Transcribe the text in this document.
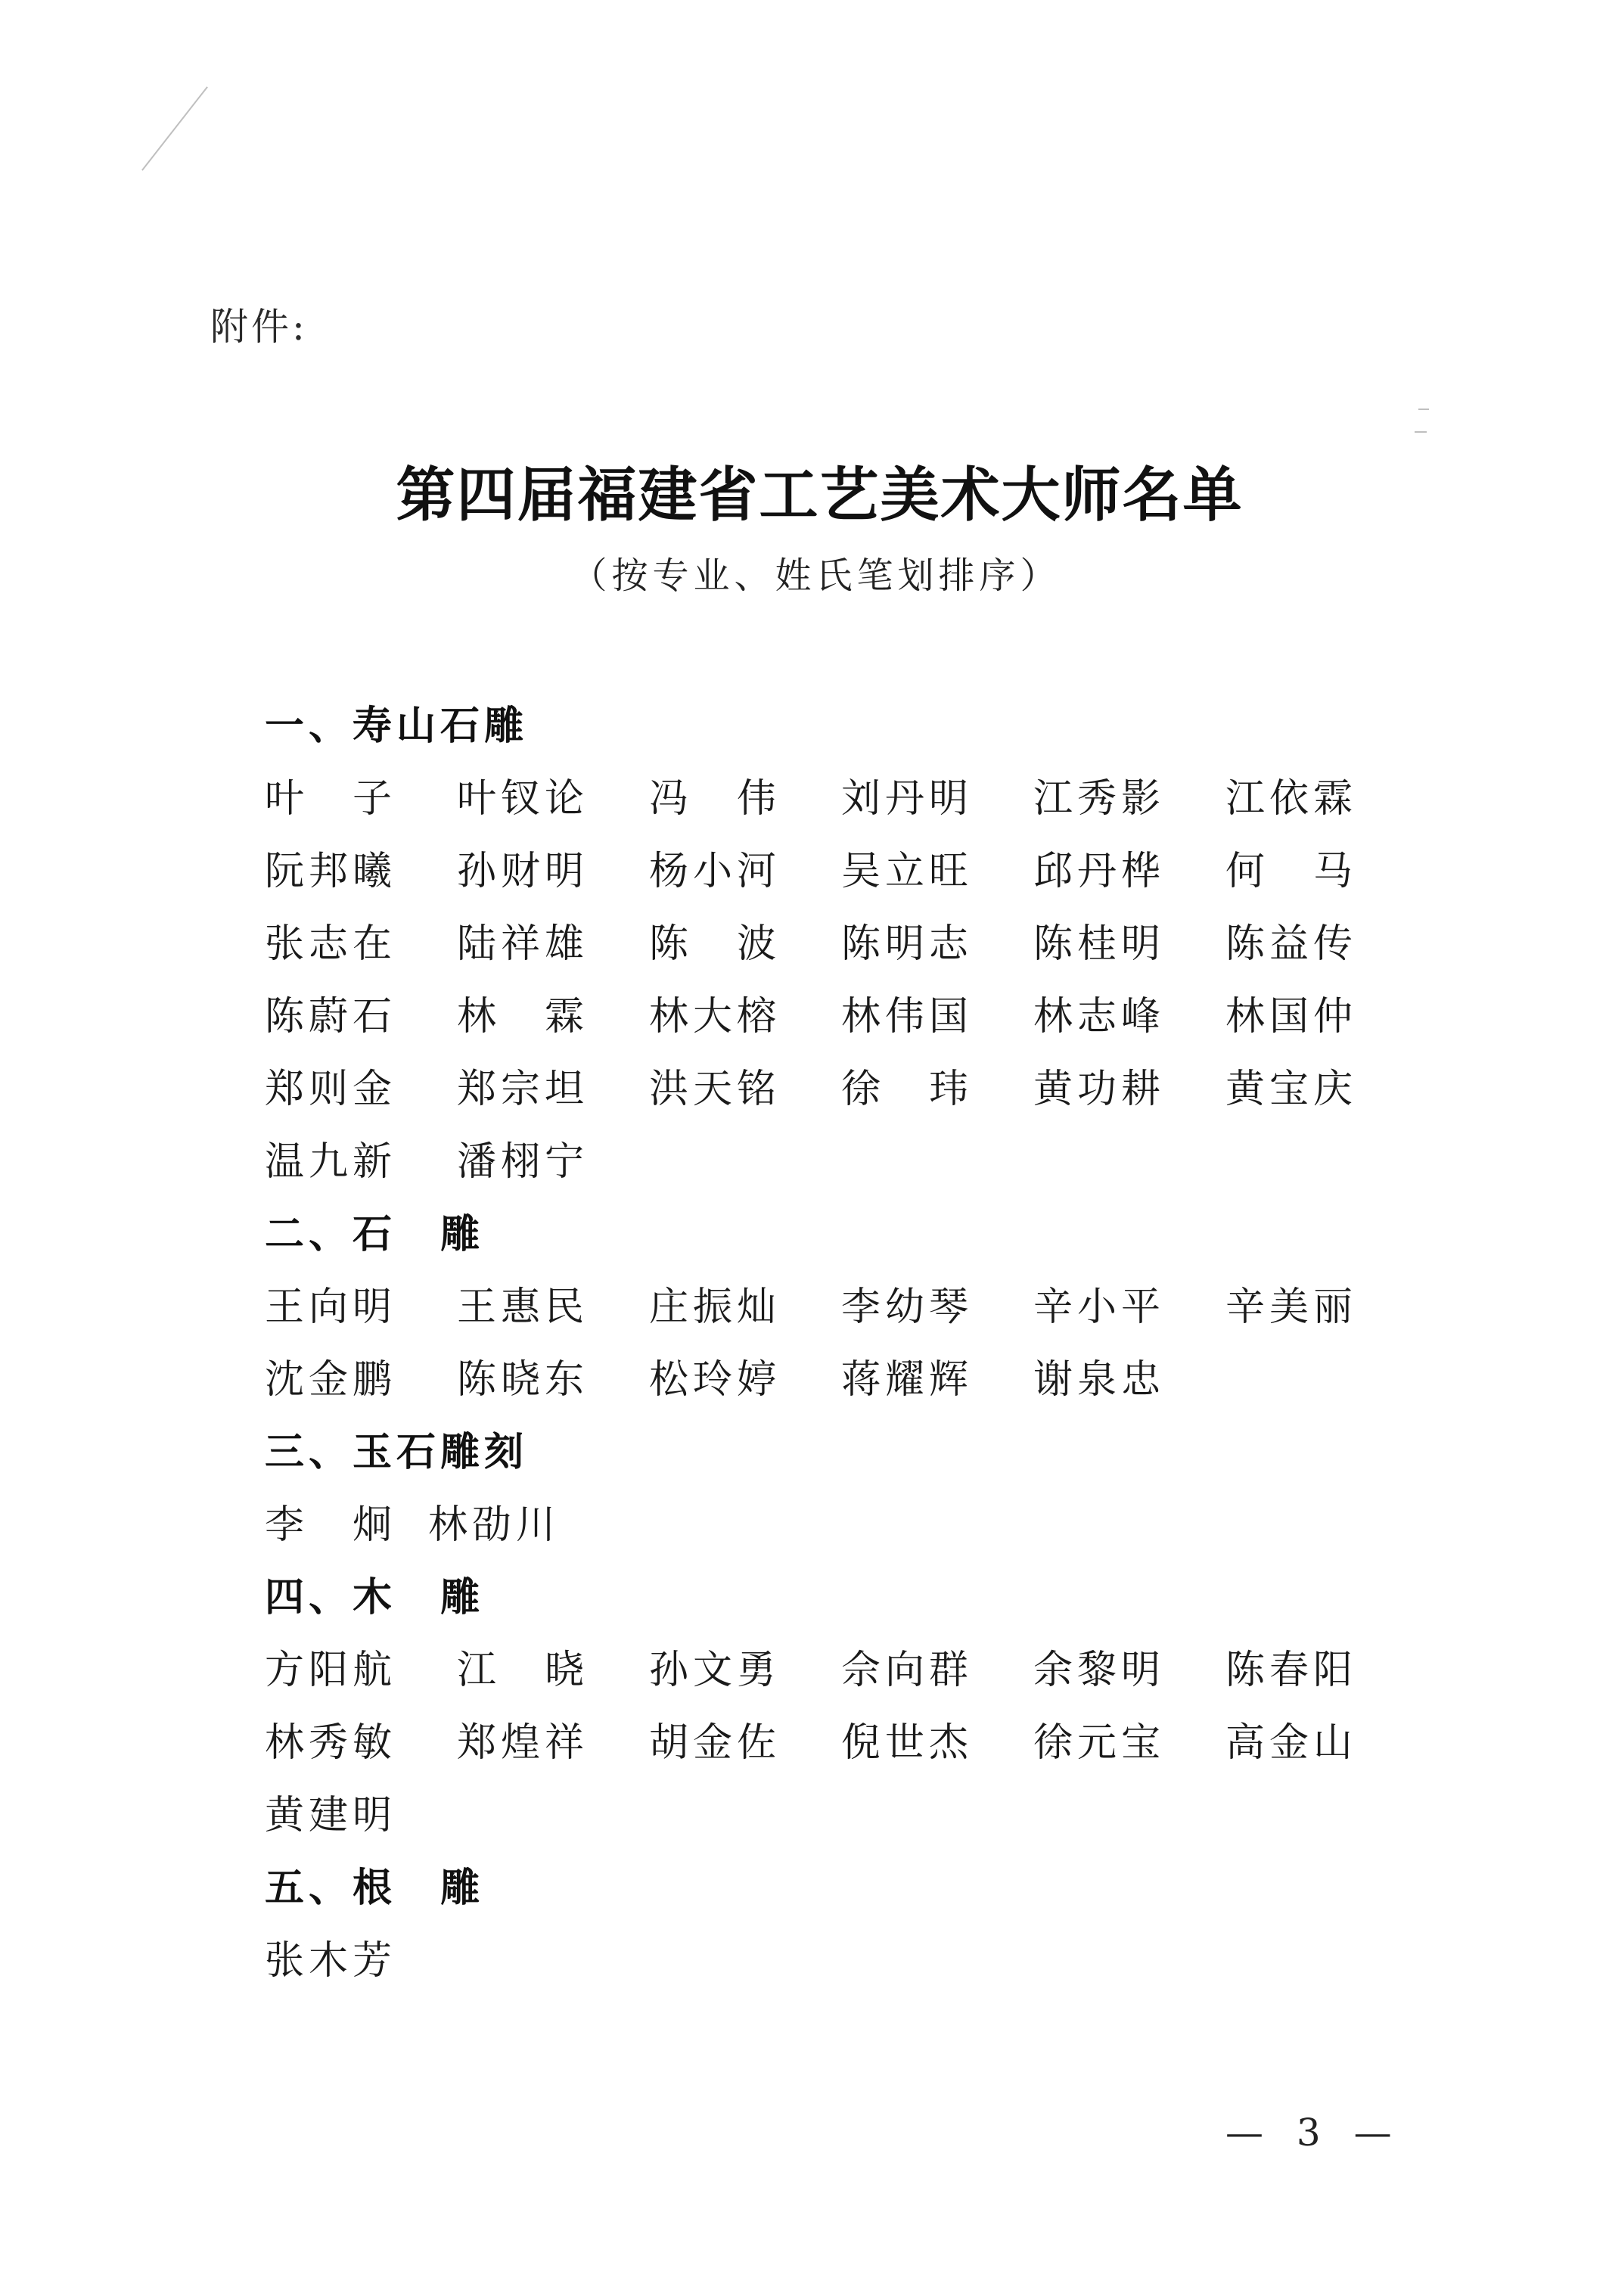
附件:
第四届福建省工艺美术大师名单
（按专业、姓氏笔划排序）
一、寿山石雕
叶　子	叶钗论	冯　伟	刘丹明	江秀影	江依霖
阮邦曦	孙财明	杨小河	吴立旺	邱丹桦	何　马
张志在	陆祥雄	陈　波	陈明志	陈桂明	陈益传
陈蔚石	林　霖	林大榕	林伟国	林志峰	林国仲
郑则金	郑宗坦	洪天铭	徐　玮	黄功耕	黄宝庆
温九新	潘栩宁
二、石　雕
王向明	王惠民	庄振灿	李幼琴	辛小平	辛美丽
沈金鹏	陈晓东	松玲婷	蒋耀辉	谢泉忠
三、玉石雕刻
李　炯 林劭川
四、木　雕
方阳航	江　晓	孙文勇	佘向群	余黎明	陈春阳
林秀敏	郑煌祥	胡金佐	倪世杰	徐元宝	高金山
黄建明
五、根　雕
张木芳
— 3 —
